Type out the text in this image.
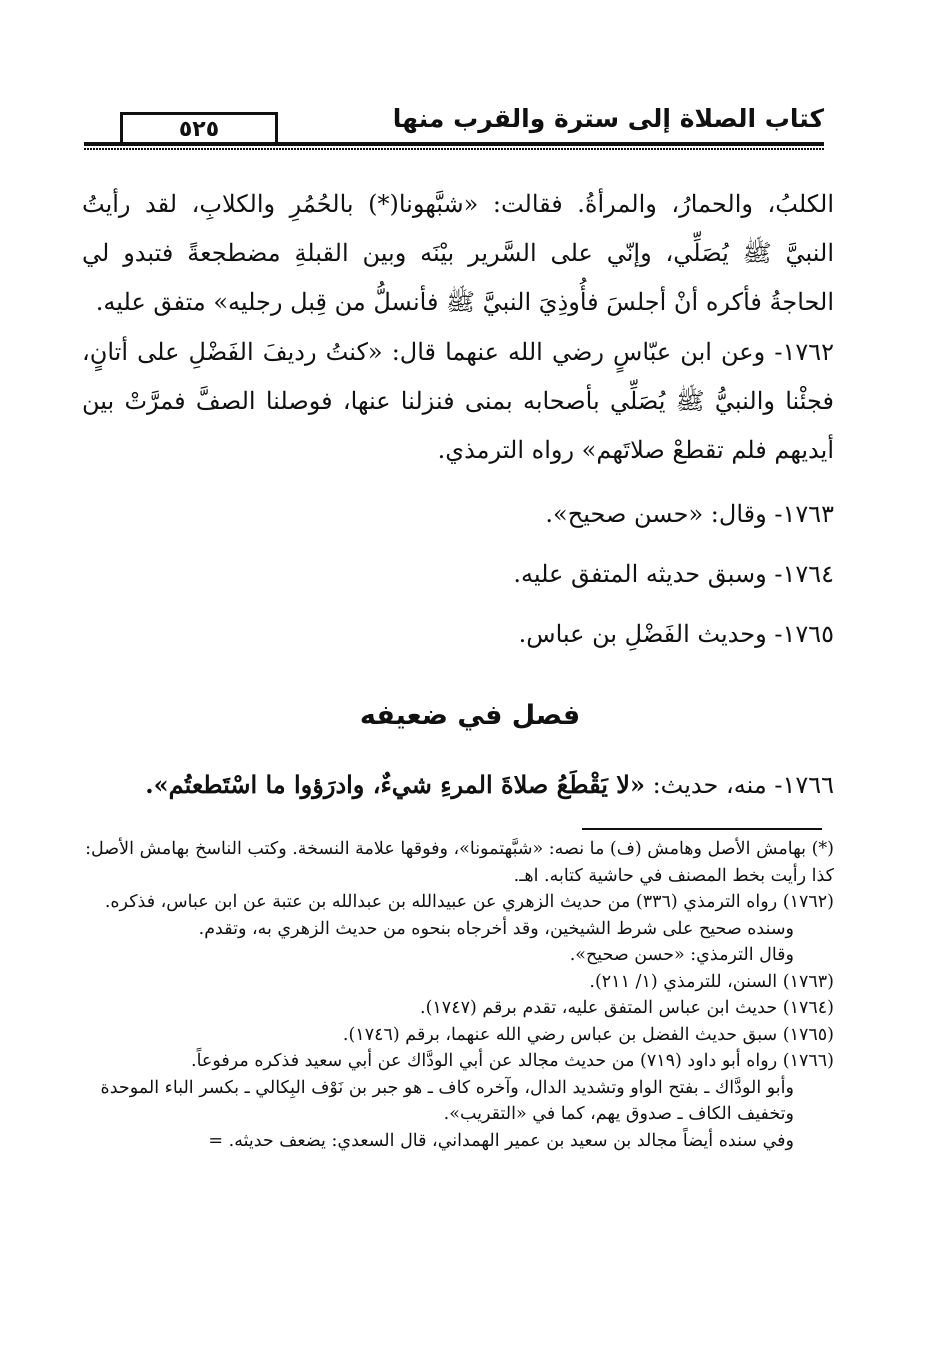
كتاب الصلاة إلى سترة والقرب منها
٥٢٥

الكلبُ، والحمارُ، والمرأةُ. فقالت: «شبَّهونا(*) بالحُمُرِ والكلابِ، لقد رأيتُ النبيَّ ﷺ يُصَلِّي، وإنّي على السَّرير بيْنَه وبين القبلةِ مضطجعةً فتبدو لي الحاجةُ فأكره أنْ أجلسَ فأُوذِيَ النبيَّ ﷺ فأنسلُّ من قِبل رجليه» متفق عليه.

١٧٦٢- وعن ابن عبّاسٍ رضي الله عنهما قال: «كنتُ رديفَ الفَضْلِ على أتانٍ، فجئْنا والنبيُّ ﷺ يُصَلِّي بأصحابه بمنى فنزلنا عنها، فوصلنا الصفَّ فمرَّتْ بين أيديهم فلم تقطعْ صلاتَهم» رواه الترمذي.

١٧٦٣- وقال: «حسن صحيح».
١٧٦٤- وسبق حديثه المتفق عليه.
١٧٦٥- وحديث الفَضْلِ بن عباس.
فصل في ضعيفه
١٧٦٦- منه، حديث: «لا يَقْطَعُ صلاةَ المرءِ شيءٌ، وادرَؤوا ما اسْتَطعتُم».

(*) بهامش الأصل وهامش (ف) ما نصه: «شبَّهتمونا»، وفوقها علامة النسخة. وكتب الناسخ بهامش الأصل: كذا رأيت بخط المصنف في حاشية كتابه. اهـ.

(١٧٦٢) رواه الترمذي (٣٣٦) من حديث الزهري عن عبيدالله بن عبدالله بن عتبة عن ابن عباس، فذكره.

وسنده صحيح على شرط الشيخين، وقد أخرجاه بنحوه من حديث الزهري به، وتقدم.

وقال الترمذي: «حسن صحيح».

(١٧٦٣) السنن، للترمذي (١/ ٢١١).

(١٧٦٤) حديث ابن عباس المتفق عليه، تقدم برقم (١٧٤٧).

(١٧٦٥) سبق حديث الفضل بن عباس رضي الله عنهما، برقم (١٧٤٦).

(١٧٦٦) رواه أبو داود (٧١٩) من حديث مجالد عن أبي الودَّاك عن أبي سعيد فذكره مرفوعاً.

وأبو الودَّاك ـ بفتح الواو وتشديد الدال، وآخره كاف ـ هو جبر بن نَوْف البِكالي ـ بكسر الباء الموحدة وتخفيف الكاف ـ صدوق يهم، كما في «التقريب».

وفي سنده أيضاً مجالد بن سعيد بن عمير الهمداني، قال السعدي: يضعف حديثه. =
